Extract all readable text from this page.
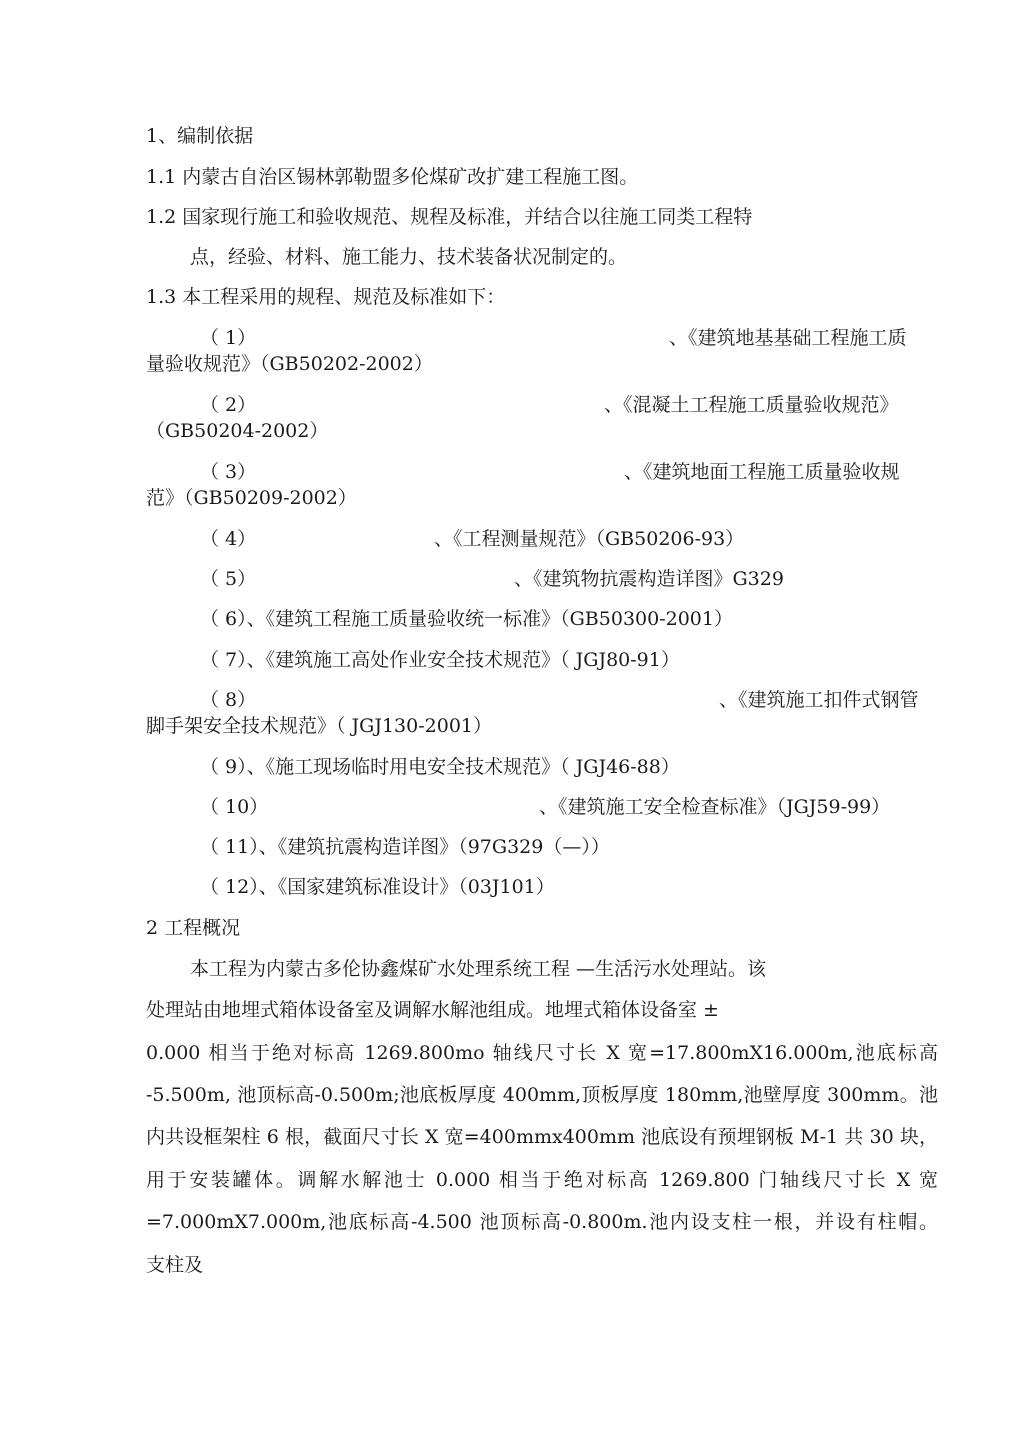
1、编制依据
1.1 内蒙古自治区锡林郭勒盟多伦煤矿改扩建工程施工图。
1.2 国家现行施工和验收规范、规程及标准，并结合以往施工同类工程特
点，经验、材料、施工能力、技术装备状况制定的。
1.3 本工程采用的规程、规范及标准如下：
（ 1）	、《建筑地基基础工程施工质
量验收规范》（GB50202-2002）
（ 2）	、《混凝土工程施工质量验收规范》
（GB50204-2002）
（ 3）	、《建筑地面工程施工质量验收规
范》（GB50209-2002）
（ 4）	、《工程测量规范》（GB50206-93）
（ 5）	、《建筑物抗震构造详图》G329
（ 6）、《建筑工程施工质量验收统一标准》（GB50300-2001）
（ 7）、《建筑施工高处作业安全技术规范》（ JGJ80-91）
（ 8）	、《建筑施工扣件式钢管
脚手架安全技术规范》（ JGJ130-2001）
（ 9）、《施工现场临时用电安全技术规范》（ JGJ46-88）
（ 10）	、《建筑施工安全检查标准》（JGJ59-99）
（ 11）、《建筑抗震构造详图》（97G329（—））
（ 12）、《国家建筑标准设计》（03J101）
2 工程概况
本工程为内蒙古多伦协鑫煤矿水处理系统工程 —生活污水处理站。该
处理站由地埋式箱体设备室及调解水解池组成。地埋式箱体设备室 ±
0.000 相当于绝对标高 1269.800mo 轴线尺寸长 X 宽=17.800mX16.000m,池底标高
-5.500m, 池顶标高-0.500m;池底板厚度 400mm,顶板厚度 180mm,池壁厚度 300mm。池
内共设框架柱 6 根，截面尺寸长 X 宽=400mmx400mm 池底设有预埋钢板 M-1 共 30 块，
用于安装罐体。调解水解池士 0.000 相当于绝对标高 1269.800 门轴线尺寸长 X 宽
=7.000mX7.000m,池底标高-4.500 池顶标高-0.800m.池内设支柱一根，并设有柱帽。
支柱及
